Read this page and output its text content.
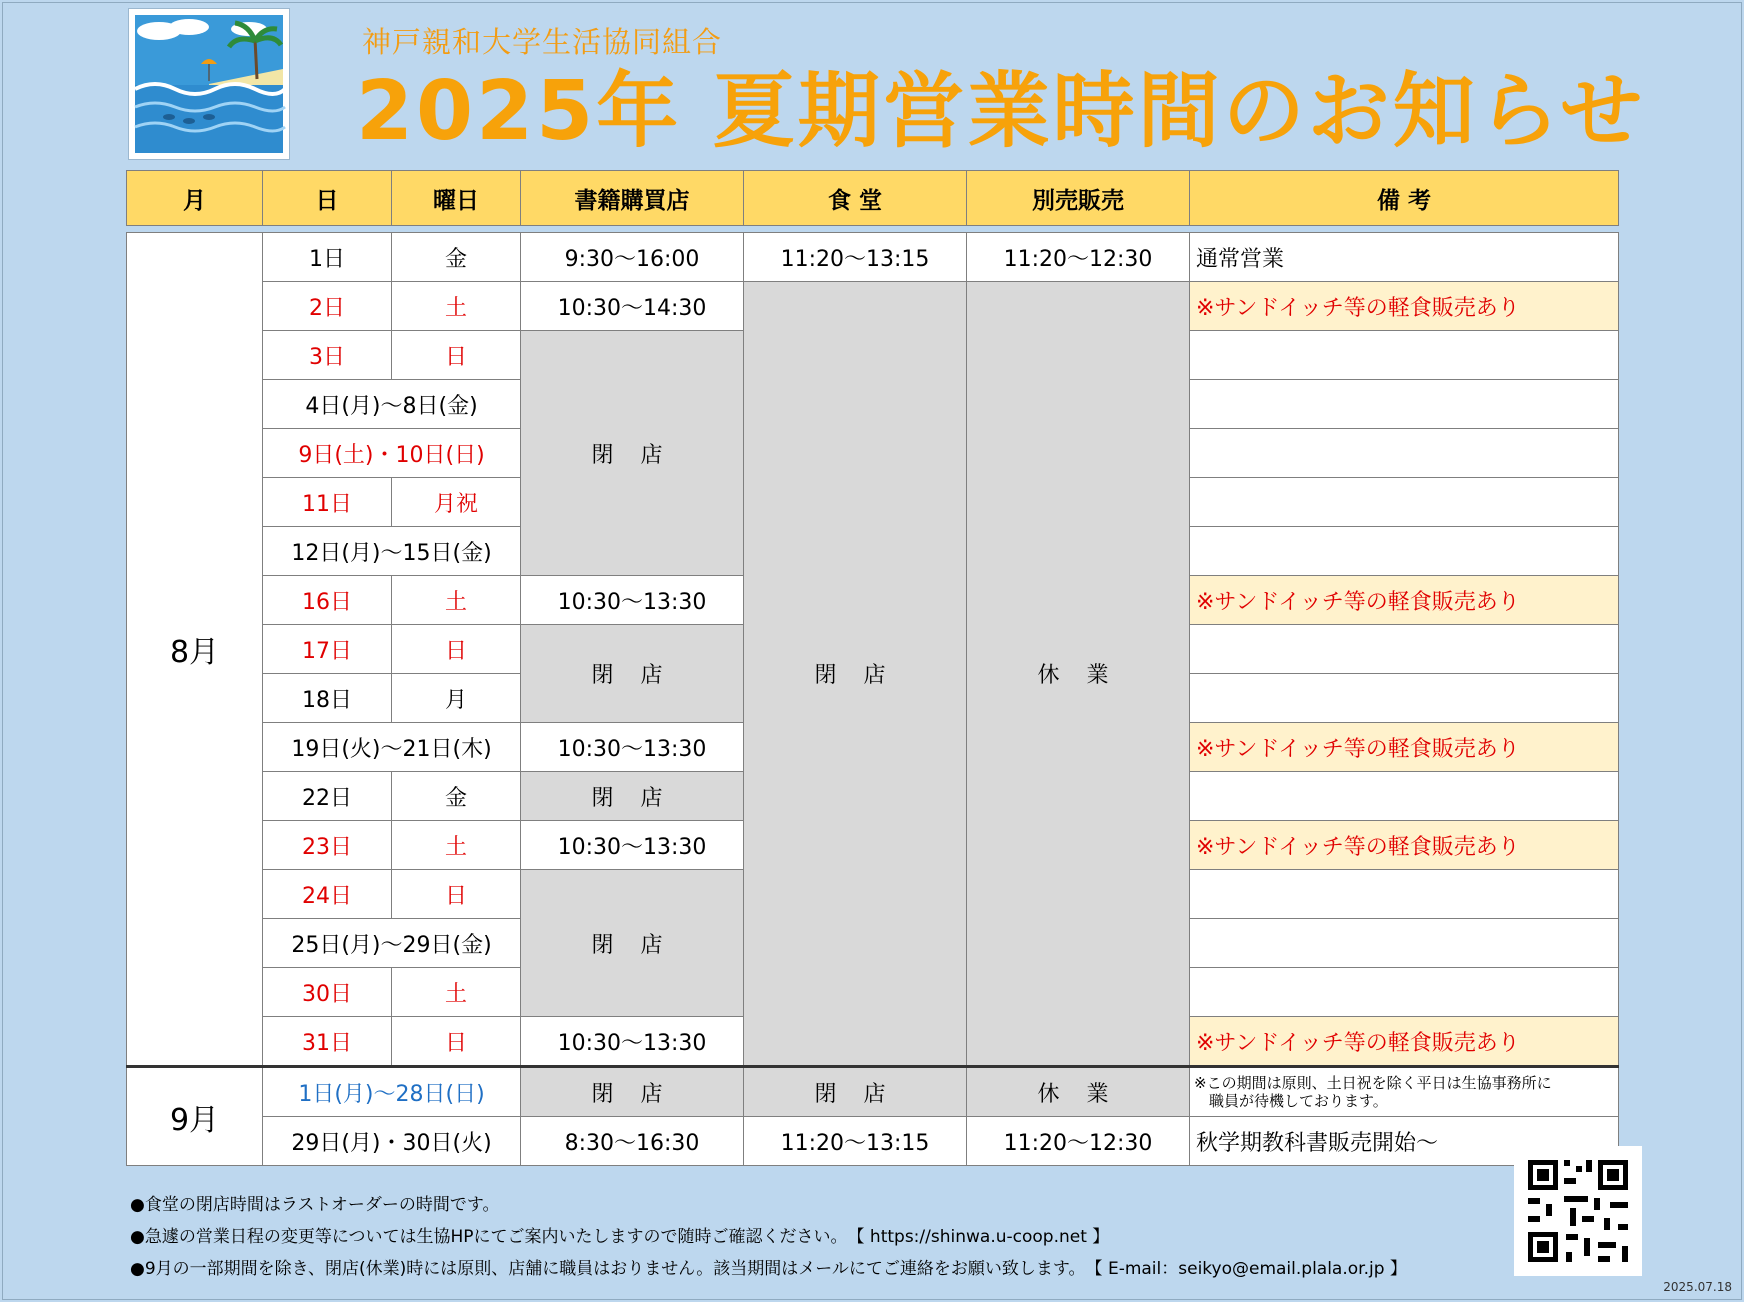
神戸親和大学生活協同組合
2025年 夏期営業時間のお知らせ
月	日	曜日	書籍購買店	食 堂	別売販売	備 考

8月	1日	金	9:30～16:00	11:20～13:15	11:20～12:30	通常営業
	2日	土	10:30～14:30	閉 店	休 業	※サンドイッチ等の軽食販売あり
	3日	日	閉 店			
	4日(月)～8日(金)					
	9日(土)・10日(日)					
	11日	月祝				
	12日(月)～15日(金)					
	16日	土	10:30～13:30			※サンドイッチ等の軽食販売あり
	17日	日	閉 店			
	18日	月				
	19日(火)～21日(木)		10:30～13:30			※サンドイッチ等の軽食販売あり
	22日	金	閉 店			
	23日	土	10:30～13:30			※サンドイッチ等の軽食販売あり
	24日	日	閉 店			
	25日(月)～29日(金)					
	30日	土				
	31日	日	10:30～13:30			※サンドイッチ等の軽食販売あり
9月	1日(月)～28日(日)		閉 店	閉 店	休 業	※この期間は原則、土日祝を除く平日は生協事務所に
　職員が待機しております。
	29日(月)・30日(火)		8:30～16:30	11:20～13:15	11:20～12:30	秋学期教科書販売開始～
●食堂の閉店時間はラストオーダーの時間です。
●急遽の営業日程の変更等については生協HPにてご案内いたしますので随時ご確認ください。　【 https://shinwa.u-coop.net 】
●9月の一部期間を除き、閉店(休業)時には原則、店舗に職員はおりません。該当期間はメールにてご連絡をお願い致します。　【 E-mail：seikyo@email.plala.or.jp 】
2025.07.18
